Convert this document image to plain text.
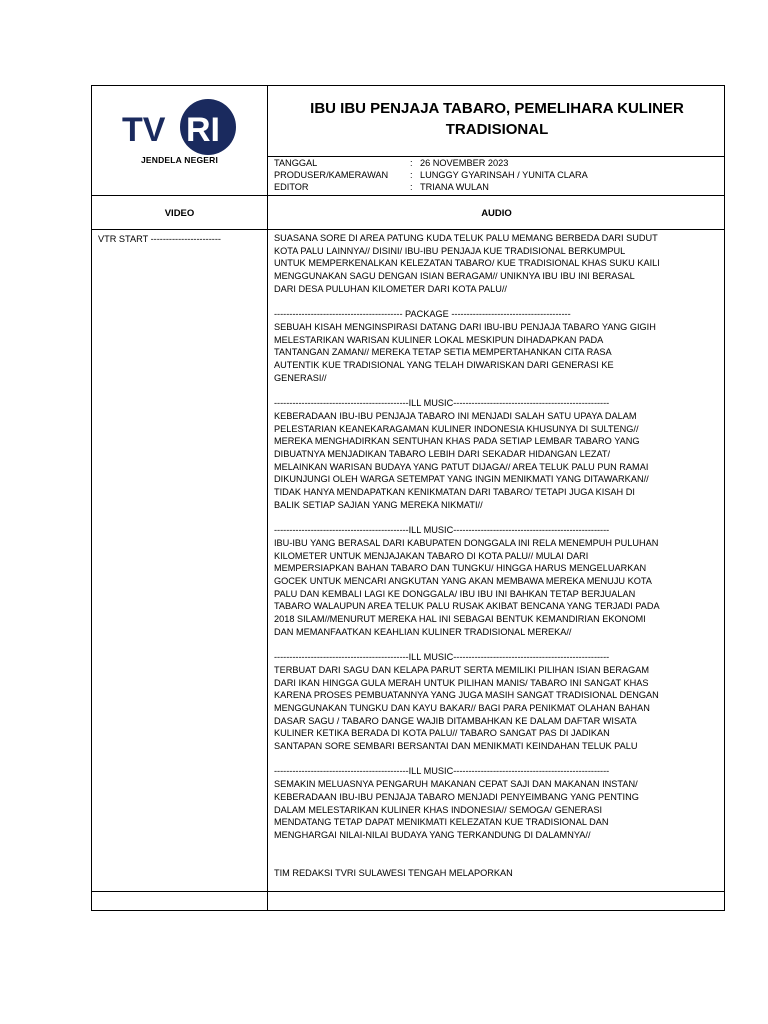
TV RI
JENDELA NEGERI
IBU IBU PENJAJA TABARO, PEMELIHARA KULINER
TRADISIONAL
TANGGAL	: 26 NOVEMBER 2023
PRODUSER/KAMERAWAN	: LUNGGY GYARINSAH / YUNITA CLARA
EDITOR	: TRIANA WULAN
VIDEO	AUDIO
VTR START -----------------------	SUASANA SORE DI AREA PATUNG KUDA TELUK PALU MEMANG BERBEDA DARI SUDUT

KOTA PALU LAINNYA// DISINI/ IBU-IBU PENJAJA KUE TRADISIONAL BERKUMPUL

UNTUK MEMPERKENALKAN KELEZATAN TABARO/ KUE TRADISIONAL KHAS SUKU KAILI

MENGGUNAKAN SAGU DENGAN ISIAN BERAGAM// UNIKNYA IBU IBU INI BERASAL

DARI DESA PULUHAN KILOMETER DARI KOTA PALU//

------------------------------------------ PACKAGE ---------------------------------------

SEBUAH KISAH MENGINSPIRASI DATANG DARI IBU-IBU PENJAJA TABARO YANG GIGIH

MELESTARIKAN WARISAN KULINER LOKAL MESKIPUN DIHADAPKAN PADA

TANTANGAN ZAMAN// MEREKA TETAP SETIA MEMPERTAHANKAN CITA RASA

AUTENTIK KUE TRADISIONAL YANG TELAH DIWARISKAN DARI GENERASI KE

GENERASI//

--------------------------------------------ILL MUSIC---------------------------------------------------

KEBERADAAN IBU-IBU PENJAJA TABARO INI MENJADI SALAH SATU UPAYA DALAM

PELESTARIAN KEANEKARAGAMAN KULINER INDONESIA KHUSUNYA DI SULTENG//

MEREKA MENGHADIRKAN SENTUHAN KHAS PADA SETIAP LEMBAR TABARO YANG

DIBUATNYA MENJADIKAN TABARO LEBIH DARI SEKADAR HIDANGAN LEZAT/

MELAINKAN WARISAN BUDAYA YANG PATUT DIJAGA// AREA TELUK PALU PUN RAMAI

DIKUNJUNGI OLEH WARGA SETEMPAT YANG INGIN MENIKMATI YANG DITAWARKAN//

TIDAK HANYA MENDAPATKAN KENIKMATAN DARI TABARO/ TETAPI JUGA KISAH DI

BALIK SETIAP SAJIAN YANG MEREKA NIKMATI//

--------------------------------------------ILL MUSIC---------------------------------------------------

IBU-IBU YANG BERASAL DARI KABUPATEN DONGGALA INI RELA MENEMPUH PULUHAN

KILOMETER UNTUK MENJAJAKAN TABARO DI KOTA PALU// MULAI DARI

MEMPERSIAPKAN BAHAN TABARO DAN TUNGKU/ HINGGA HARUS MENGELUARKAN

GOCEK UNTUK MENCARI ANGKUTAN YANG AKAN MEMBAWA MEREKA MENUJU KOTA

PALU DAN KEMBALI LAGI KE DONGGALA/ IBU IBU INI BAHKAN TETAP BERJUALAN

TABARO WALAUPUN AREA TELUK PALU RUSAK AKIBAT BENCANA YANG TERJADI PADA

2018 SILAM//MENURUT MEREKA HAL INI SEBAGAI BENTUK KEMANDIRIAN EKONOMI

DAN MEMANFAATKAN KEAHLIAN KULINER TRADISIONAL MEREKA//

--------------------------------------------ILL MUSIC---------------------------------------------------

TERBUAT DARI SAGU DAN KELAPA PARUT SERTA MEMILIKI PILIHAN ISIAN BERAGAM

DARI IKAN HINGGA GULA MERAH UNTUK PILIHAN MANIS/ TABARO INI SANGAT KHAS

KARENA PROSES PEMBUATANNYA YANG JUGA MASIH SANGAT TRADISIONAL DENGAN

MENGGUNAKAN TUNGKU DAN KAYU BAKAR// BAGI PARA PENIKMAT OLAHAN BAHAN

DASAR SAGU / TABARO DANGE WAJIB DITAMBAHKAN KE DALAM DAFTAR WISATA

KULINER KETIKA BERADA DI KOTA PALU// TABARO SANGAT PAS DI JADIKAN

SANTAPAN SORE SEMBARI BERSANTAI DAN MENIKMATI KEINDAHAN TELUK PALU

--------------------------------------------ILL MUSIC---------------------------------------------------

SEMAKIN MELUASNYA PENGARUH MAKANAN CEPAT SAJI DAN MAKANAN INSTAN/

KEBERADAAN IBU-IBU PENJAJA TABARO MENJADI PENYEIMBANG YANG PENTING

DALAM MELESTARIKAN KULINER KHAS INDONESIA// SEMOGA/ GENERASI

MENDATANG TETAP DAPAT MENIKMATI KELEZATAN KUE TRADISIONAL DAN

MENGHARGAI NILAI-NILAI BUDAYA YANG TERKANDUNG DI DALAMNYA//

TIM REDAKSI TVRI SULAWESI TENGAH MELAPORKAN
